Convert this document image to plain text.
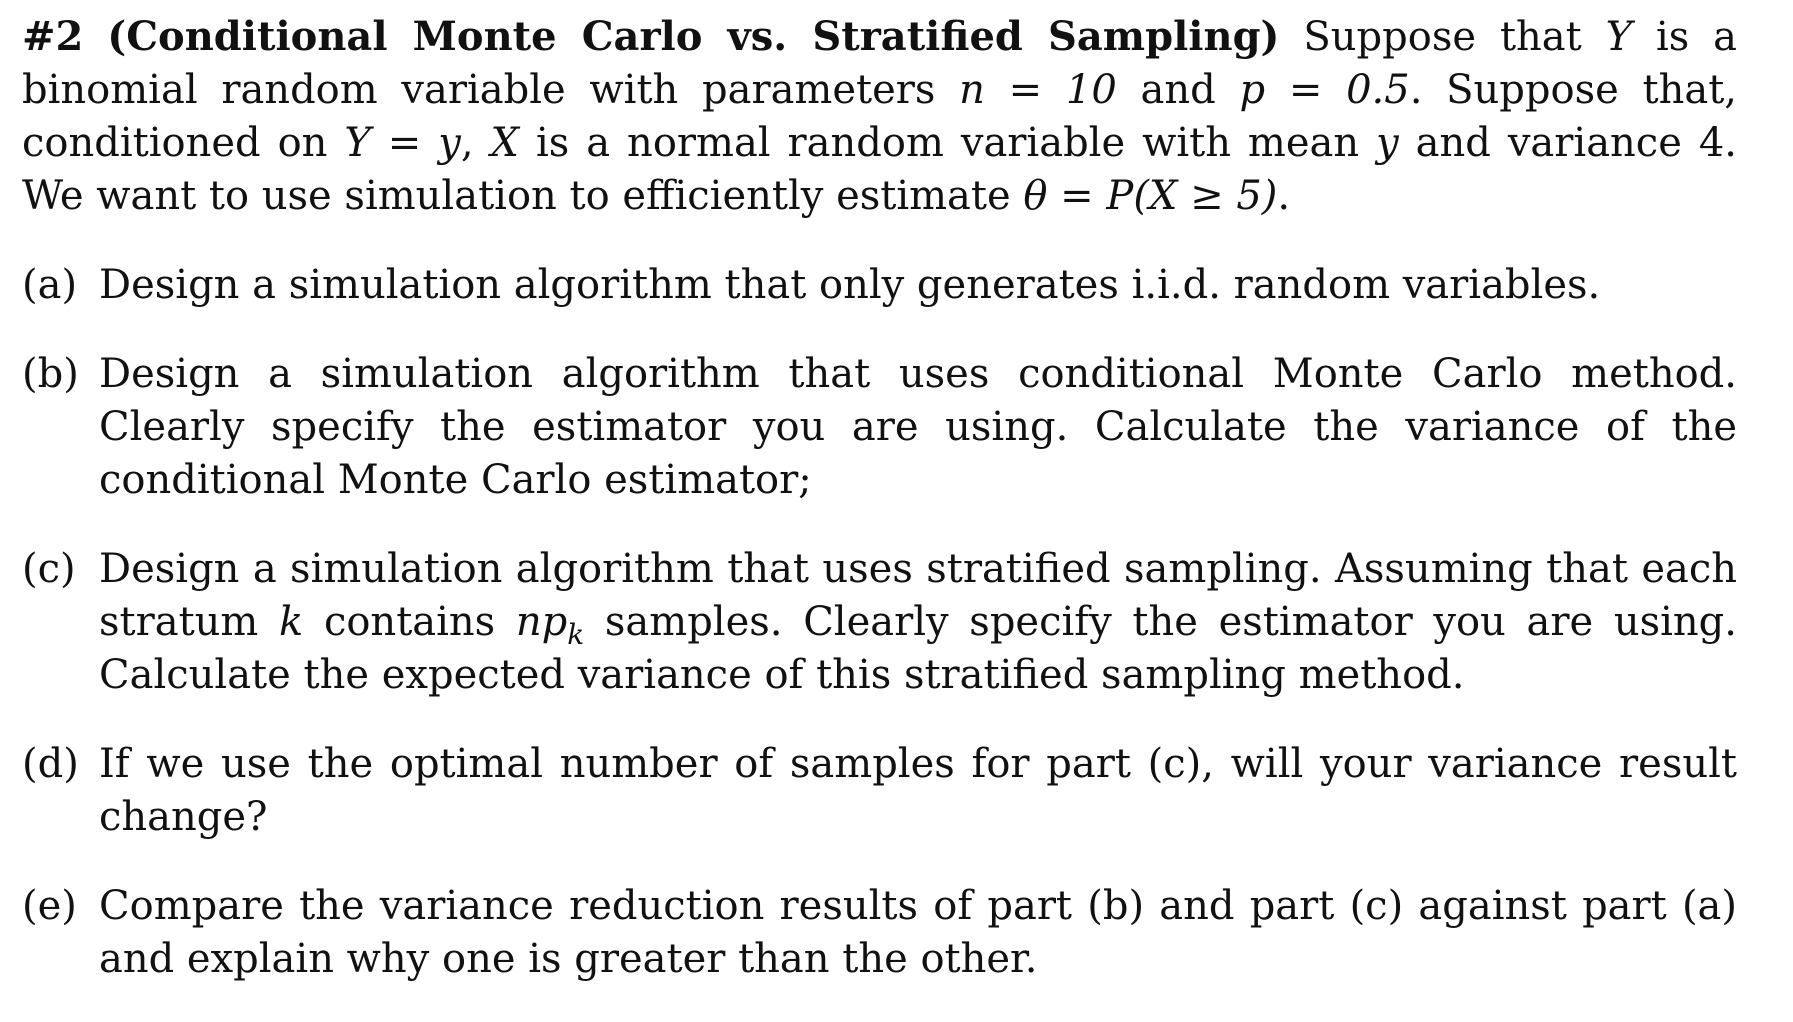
#2 (Conditional Monte Carlo vs. Stratified Sampling) Suppose that Y is a binomial random variable with parameters n = 10 and p = 0.5. Suppose that, conditioned on Y = y, X is a normal random variable with mean y and variance 4. We want to use simulation to efficiently estimate θ = P(X ≥ 5).

(a) Design a simulation algorithm that only generates i.i.d. random variables.
(b) Design a simulation algorithm that uses conditional Monte Carlo method. Clearly specify the estimator you are using. Calculate the variance of the conditional Monte Carlo estimator;
(c) Design a simulation algorithm that uses stratified sampling. Assuming that each stratum k contains $np_k$ samples. Clearly specify the estimator you are using. Calculate the expected variance of this stratified sampling method.
(d) If we use the optimal number of samples for part (c), will your variance result change?
(e) Compare the variance reduction results of part (b) and part (c) against part (a) and explain why one is greater than the other.
